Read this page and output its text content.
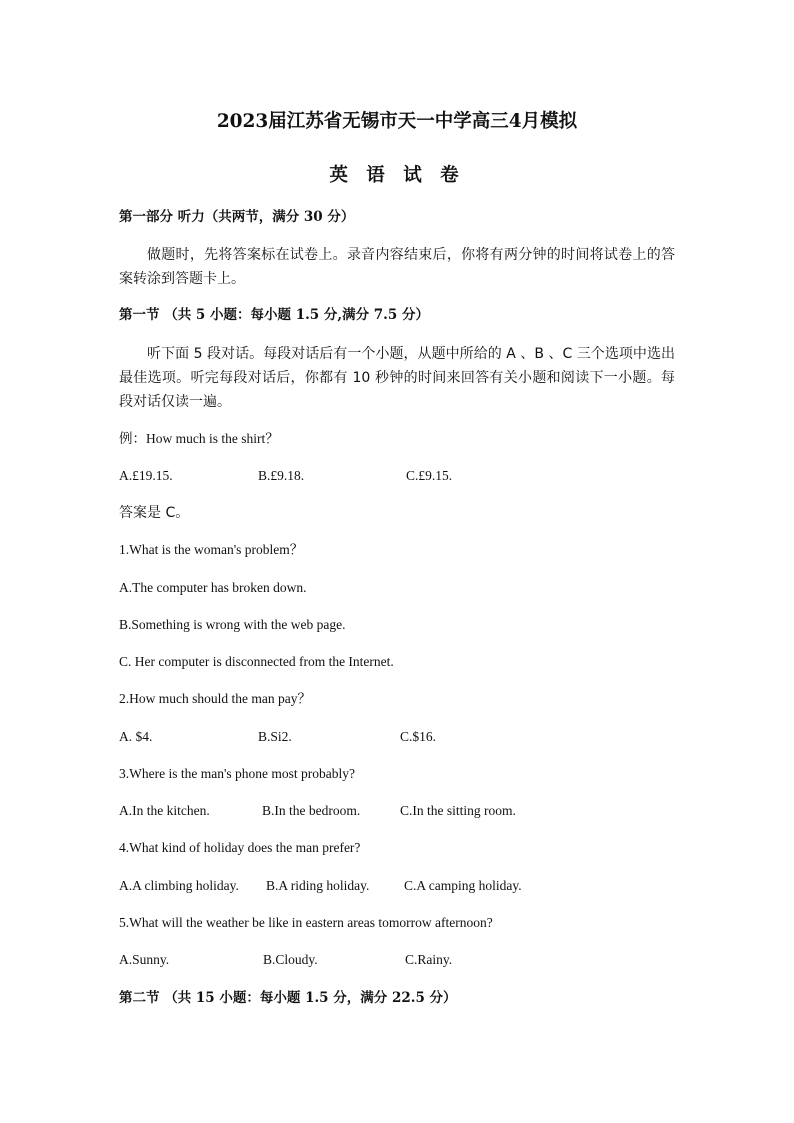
2023届江苏省无锡市天一中学高三4月模拟
英 语 试 卷
第一部分 听力（共两节，满分 30 分）
做题时，先将答案标在试卷上。录音内容结束后，你将有两分钟的时间将试卷上的答案转涂到答题卡上。
第一节 （共 5 小题：每小题 1.5 分,满分 7.5 分）
听下面 5 段对话。每段对话后有一个小题，从题中所给的 A 、B 、C 三个选项中选出最佳选项。听完每段对话后，你都有 10 秒钟的时间来回答有关小题和阅读下一小题。每段对话仅读一遍。
例：How much is the shirt？
A.£19.15.	B.£9.18.	C.£9.15.
答案是 C。
1.What is the woman's problem？
A.The computer has broken down.
B.Something is wrong with the web page.
C. Her computer is disconnected from the Internet.
2.How much should the man pay？
A. $4.	B.Si2.	C.$16.
3.Where is the man's phone most probably?
A.In the kitchen.	B.In the bedroom.	C.In the sitting room.
4.What kind of holiday does the man prefer?
A.A climbing holiday. B.A riding holiday.	C.A camping holiday.
5.What will the weather be like in eastern areas tomorrow afternoon?
A.Sunny.	B.Cloudy.	C.Rainy.
第二节 （共 15 小题：每小题 1.5 分，满分 22.5 分）
